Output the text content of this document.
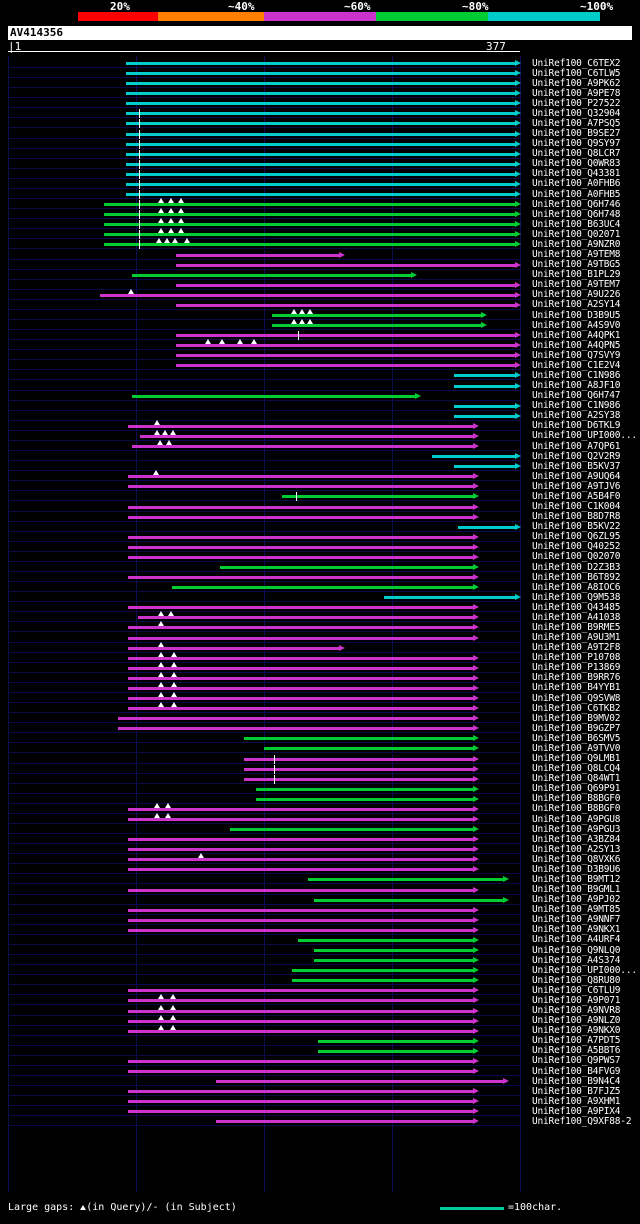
20%	~40%	~60%	~80%	~100%
AV414356
|1	377
UniRef100_C6TEX2
UniRef100_C6TLW5
UniRef100_A9PK62
UniRef100_A9PE78
UniRef100_P27522
UniRef100_Q32904
UniRef100_A7PSQ5
UniRef100_B9SE27
UniRef100_Q9SY97
UniRef100_Q8LCR7
UniRef100_Q0WR83
UniRef100_Q43381
UniRef100_A0FHB6
UniRef100_A0FHB5
UniRef100_Q6H746
UniRef100_Q6H748
UniRef100_B63UC4
UniRef100_Q02071
UniRef100_A9NZR0
UniRef100_A9TEM8
UniRef100_A9TBG5
UniRef100_B1PL29
UniRef100_A9TEM7
UniRef100_A9U226
UniRef100_A2SY14
UniRef100_D3B9U5
UniRef100_A4S9V0
UniRef100_A4QPK1
UniRef100_A4QPN5
UniRef100_Q7SVY9
UniRef100_C1E2V4
UniRef100_C1N986
UniRef100_A8JF10
UniRef100_Q6H747
UniRef100_C1N986
UniRef100_A2SY38
UniRef100_D6TKL9
UniRef100_UPI000...
UniRef100_A7QP61
UniRef100_Q2V2R9
UniRef100_B5KV37
UniRef100_A9UQ64
UniRef100_A9TJV6
UniRef100_A5B4F0
UniRef100_C1K004
UniRef100_B8D7R8
UniRef100_B5KV22
UniRef100_Q6ZL95
UniRef100_Q40252
UniRef100_Q02070
UniRef100_D2Z3B3
UniRef100_B6T892
UniRef100_A8IOC6
UniRef100_Q9M538
UniRef100_Q43485
UniRef100_A41038
UniRef100_B9RME5
UniRef100_A9U3M1
UniRef100_A9T2F8
UniRef100_P10708
UniRef100_P13869
UniRef100_B9RR76
UniRef100_B4YYB1
UniRef100_Q9SVW8
UniRef100_C6TKB2
UniRef100_B9MV02
UniRef100_B9GZP7
UniRef100_B6SMV5
UniRef100_A9TVV0
UniRef100_Q9LMB1
UniRef100_Q8LCQ4
UniRef100_Q84WT1
UniRef100_Q69P91
UniRef100_B8BGF0
UniRef100_B8BGF0
UniRef100_A9PGU8
UniRef100_A9PGU3
UniRef100_A3BZ84
UniRef100_A2SY13
UniRef100_Q8VXK6
UniRef100_D3B9U6
UniRef100_B9MT12
UniRef100_B9GML1
UniRef100_A9PJ02
UniRef100_A9MT85
UniRef100_A9NNF7
UniRef100_A9NKX1
UniRef100_A4URF4
UniRef100_Q9NLQ0
UniRef100_A4S374
UniRef100_UPI000...
UniRef100_Q8RU80
UniRef100_C6TLU9
UniRef100_A9P071
UniRef100_A9NVR8
UniRef100_A9NLZ0
UniRef100_A9NKX0
UniRef100_A7PDT5
UniRef100_A5BBT6
UniRef100_Q9PWS7
UniRef100_B4FVG9
UniRef100_B9N4C4
UniRef100_B7FJZ5
UniRef100_A9XHM1
UniRef100_A9PIX4
UniRef100_Q9XF88-2
Large gaps: (in Query)/- (in Subject)	=100char.
